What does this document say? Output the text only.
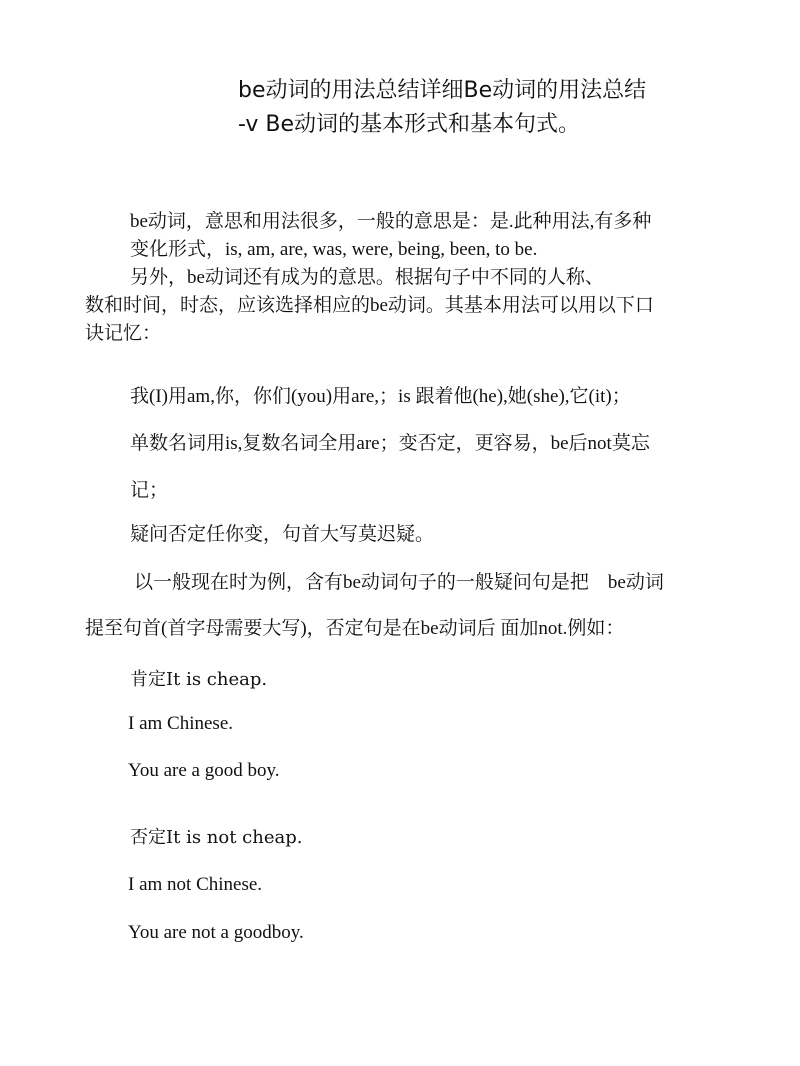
be动词的用法总结详细Be动词的用法总结
-v Be动词的基本形式和基本句式。
be动词，意思和用法很多，一般的意思是：是.此种用法,有多种
变化形式，is, am, are, was, were, being, been, to be.
另外，be动词还有成为的意思。根据句子中不同的人称、
数和时间，时态，应该选择相应的be动词。其基本用法可以用以下口
诀记忆：
我(I)用am,你，你们(you)用are,；is 跟着他(he),她(she),它(it)；
单数名词用is,复数名词全用are；变否定，更容易，be后not莫忘
记；
疑问否定任你变，句首大写莫迟疑。
以一般现在时为例，含有be动词句子的一般疑问句是把　be动词
提至句首(首字母需要大写)，否定句是在be动词后 面加not.例如：
肯定It is cheap.
I am Chinese.
You are a good boy.
否定It is not cheap.
I am not Chinese.
You are not a goodboy.
